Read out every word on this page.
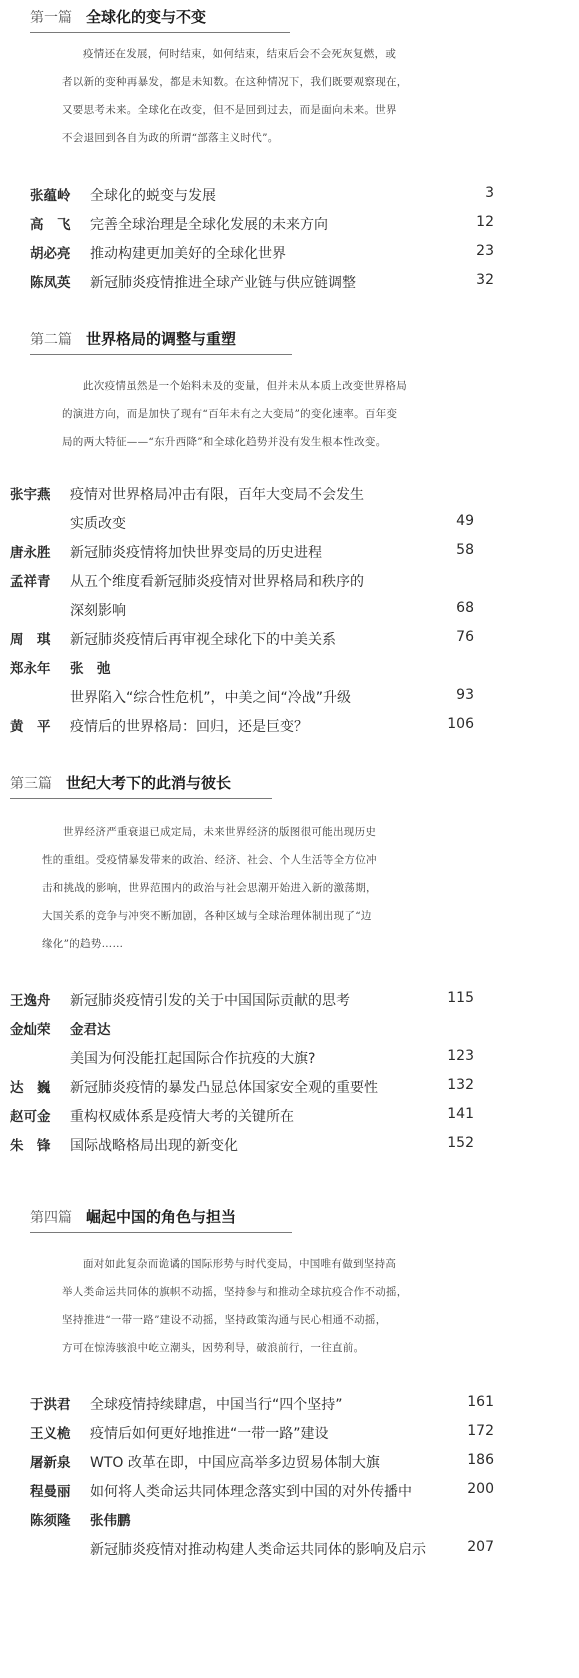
第一篇 全球化的变与不变
疫情还在发展，何时结束，如何结束，结束后会不会死灰复燃，或
者以新的变种再暴发，都是未知数。在这种情况下，我们既要观察现在，
又要思考未来。全球化在改变，但不是回到过去，而是面向未来。世界
不会退回到各自为政的所谓“部落主义时代”。
张蕴岭 全球化的蜕变与发展	3
高　飞 完善全球治理是全球化发展的未来方向	12
胡必亮 推动构建更加美好的全球化世界	23
陈凤英 新冠肺炎疫情推进全球产业链与供应链调整	32
第二篇 世界格局的调整与重塑
此次疫情虽然是一个始料未及的变量，但并未从本质上改变世界格局
的演进方向，而是加快了现有“百年未有之大变局”的变化速率。百年变
局的两大特征——“东升西降”和全球化趋势并没有发生根本性改变。
张宇燕 疫情对世界格局冲击有限，百年大变局不会发生
实质改变	49
唐永胜 新冠肺炎疫情将加快世界变局的历史进程	58
孟祥青 从五个维度看新冠肺炎疫情对世界格局和秩序的
深刻影响	68
周　琪 新冠肺炎疫情后再审视全球化下的中美关系	76
郑永年 张　弛
世界陷入“综合性危机”，中美之间“冷战”升级	93
黄　平 疫情后的世界格局：回归，还是巨变？	106
第三篇 世纪大考下的此消与彼长
世界经济严重衰退已成定局，未来世界经济的版图很可能出现历史
性的重组。受疫情暴发带来的政治、经济、社会、个人生活等全方位冲
击和挑战的影响，世界范围内的政治与社会思潮开始进入新的激荡期，
大国关系的竞争与冲突不断加剧，各种区域与全球治理体制出现了“边
缘化”的趋势……
王逸舟 新冠肺炎疫情引发的关于中国国际贡献的思考	115
金灿荣 金君达
美国为何没能扛起国际合作抗疫的大旗?	123
达　巍 新冠肺炎疫情的暴发凸显总体国家安全观的重要性	132
赵可金 重构权威体系是疫情大考的关键所在	141
朱　锋 国际战略格局出现的新变化	152
第四篇 崛起中国的角色与担当
面对如此复杂而诡谲的国际形势与时代变局，中国唯有做到坚持高
举人类命运共同体的旗帜不动摇，坚持参与和推动全球抗疫合作不动摇，
坚持推进“一带一路”建设不动摇，坚持政策沟通与民心相通不动摇，
方可在惊涛骇浪中屹立潮头，因势利导，破浪前行，一往直前。
于洪君 全球疫情持续肆虐，中国当行“四个坚持”	161
王义桅 疫情后如何更好地推进“一带一路”建设	172
屠新泉 WTO 改革在即，中国应高举多边贸易体制大旗	186
程曼丽 如何将人类命运共同体理念落实到中国的对外传播中	200
陈须隆 张伟鹏
新冠肺炎疫情对推动构建人类命运共同体的影响及启示	207
